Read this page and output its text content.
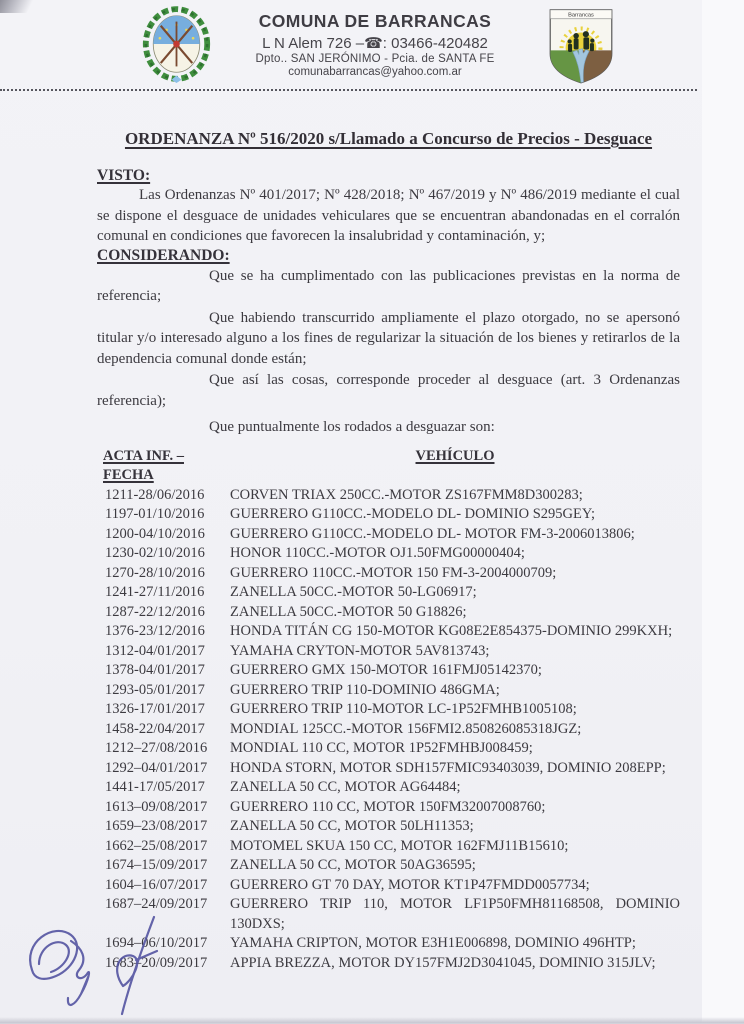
COMUNA DE BARRANCAS
L N Alem 726 –☎: 03466-420482
Dpto.. SAN JERÓNIMO - Pcia. de SANTA FE
comunabarrancas@yahoo.com.ar
Barrancas
ORDENANZA Nº 516/2020 s/Llamado a Concurso de Precios - Desguace
VISTO:

Las Ordenanzas Nº 401/2017; Nº 428/2018; Nº 467/2019 y Nº 486/2019 mediante el cual se dispone el desguace de unidades vehiculares que se encuentran abandonadas en el corralón comunal en condiciones que favorecen la insalubridad y contaminación, y;

CONSIDERANDO:

Que se ha cumplimentado con las publicaciones previstas en la norma de referencia;

Que habiendo transcurrido ampliamente el plazo otorgado, no se apersonó titular y/o interesado alguno a los fines de regularizar la situación de los bienes y retirarlos de la dependencia comunal donde están;

Que así las cosas, corresponde proceder al desguace (art. 3 Ordenanzas referencia);

Que puntualmente los rodados a desguazar son:

ACTA INF. –FECHA
VEHÍCULO
1211-28/06/2016	CORVEN TRIAX 250CC.-MOTOR ZS167FMM8D300283;
1197-01/10/2016	GUERRERO G110CC.-MODELO DL- DOMINIO S295GEY;
1200-04/10/2016	GUERRERO G110CC.-MODELO DL- MOTOR FM-3-2006013806;
1230-02/10/2016	HONOR 110CC.-MOTOR OJ1.50FMG00000404;
1270-28/10/2016	GUERRERO 110CC.-MOTOR 150 FM-3-2004000709;
1241-27/11/2016	ZANELLA 50CC.-MOTOR 50-LG06917;
1287-22/12/2016	ZANELLA 50CC.-MOTOR 50 G18826;
1376-23/12/2016	HONDA TITÁN CG 150-MOTOR KG08E2E854375-DOMINIO 299KXH;
1312-04/01/2017	YAMAHA CRYTON-MOTOR 5AV813743;
1378-04/01/2017	GUERRERO GMX 150-MOTOR 161FMJ05142370;
1293-05/01/2017	GUERRERO TRIP 110-DOMINIO 486GMA;
1326-17/01/2017	GUERRERO TRIP 110-MOTOR LC-1P52FMHB1005108;
1458-22/04/2017	MONDIAL 125CC.-MOTOR 156FMI2.850826085318JGZ;
1212–27/08/2016	MONDIAL 110 CC, MOTOR 1P52FMHBJ008459;
1292–04/01/2017	HONDA STORN, MOTOR SDH157FMIC93403039, DOMINIO 208EPP;
1441-17/05/2017	ZANELLA 50 CC, MOTOR AG64484;
1613–09/08/2017	GUERRERO 110 CC, MOTOR 150FM32007008760;
1659–23/08/2017	ZANELLA 50 CC, MOTOR 50LH11353;
1662–25/08/2017	MOTOMEL SKUA 150 CC, MOTOR 162FMJ11B15610;
1674–15/09/2017	ZANELLA 50 CC, MOTOR 50AG36595;
1604–16/07/2017	GUERRERO GT 70 DAY, MOTOR KT1P47FMDD0057734;
1687–24/09/2017	GUERRERO TRIP 110, MOTOR LF1P50FMH81168508, DOMINIO 130DXS;
1694–06/10/2017	YAMAHA CRIPTON, MOTOR E3H1E006898, DOMINIO 496HTP;
1683–20/09/2017	APPIA BREZZA, MOTOR DY157FMJ2D3041045, DOMINIO 315JLV;
